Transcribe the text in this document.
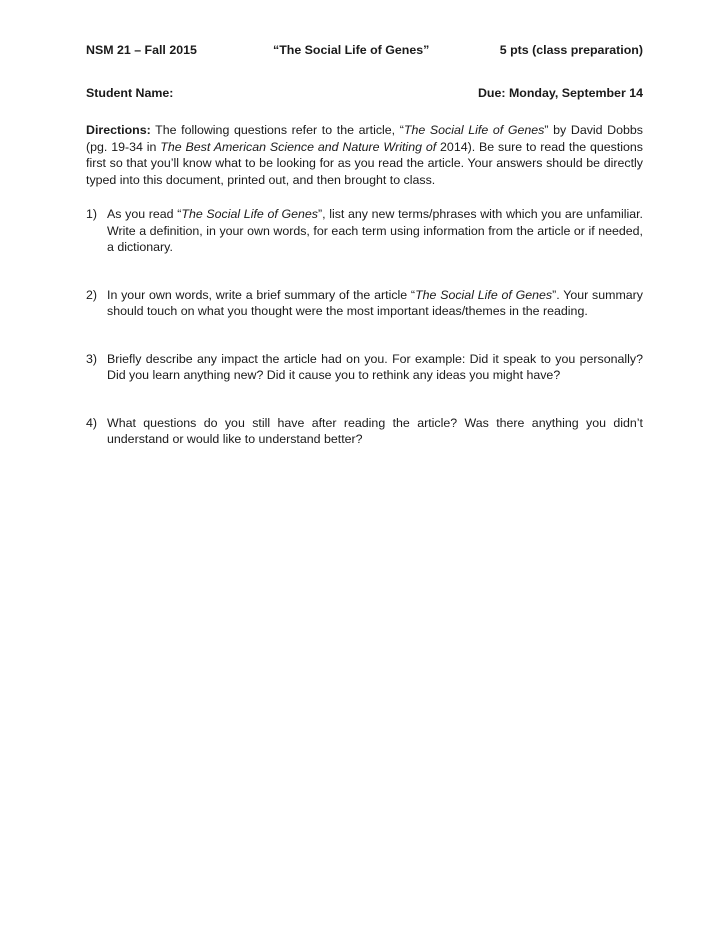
NSM 21 – Fall 2015	“The Social Life of Genes”	5 pts (class preparation)
Student Name:	Due: Monday, September 14
Directions: The following questions refer to the article, “The Social Life of Genes” by David Dobbs (pg. 19-34 in The Best American Science and Nature Writing of 2014). Be sure to read the questions first so that you’ll know what to be looking for as you read the article. Your answers should be directly typed into this document, printed out, and then brought to class.
1) As you read “The Social Life of Genes”, list any new terms/phrases with which you are unfamiliar. Write a definition, in your own words, for each term using information from the article or if needed, a dictionary.
2) In your own words, write a brief summary of the article “The Social Life of Genes”. Your summary should touch on what you thought were the most important ideas/themes in the reading.
3) Briefly describe any impact the article had on you. For example: Did it speak to you personally? Did you learn anything new? Did it cause you to rethink any ideas you might have?
4) What questions do you still have after reading the article? Was there anything you didn’t understand or would like to understand better?
